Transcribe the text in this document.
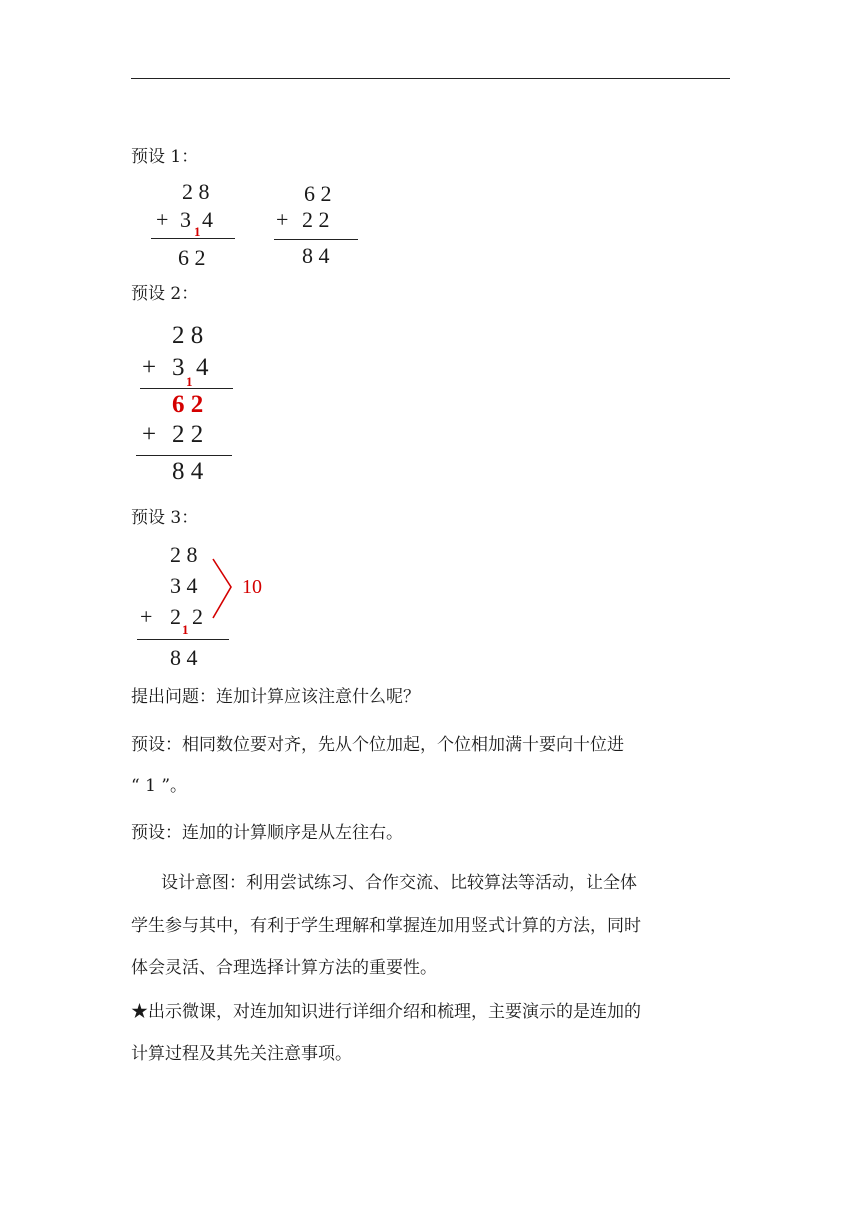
预设 1：
2 8
+ 3 1 4
6 2
6 2
+ 2 2
8 4
预设 2：
2 8
+ 3
1
4
6 2
+ 2 2
8 4
预设 3：
2 8
3 4
+ 2
1
2
8 4
10
提出问题：连加计算应该注意什么呢？
预设：相同数位要对齐，先从个位加起，个位相加满十要向十位进
“ 1 ”。
预设：连加的计算顺序是从左往右。
设计意图：利用尝试练习、合作交流、比较算法等活动，让全体
学生参与其中，有利于学生理解和掌握连加用竖式计算的方法，同时
体会灵活、合理选择计算方法的重要性。
★出示微课，对连加知识进行详细介绍和梳理，主要演示的是连加的
计算过程及其先关注意事项。
